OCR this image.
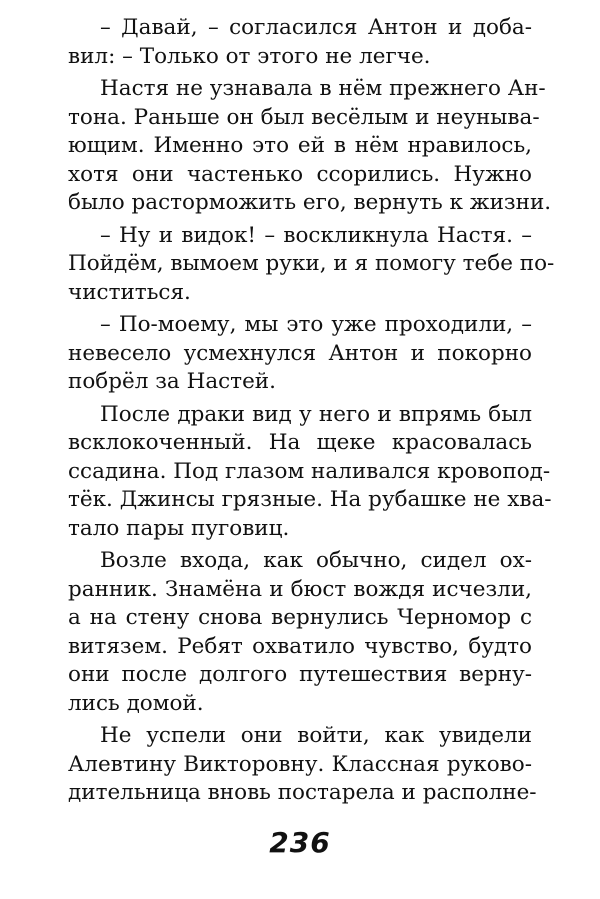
– Давай, – согласился Антон и доба-
вил: – Только от этого не легче.
Настя не узнавала в нём прежнего Ан-
тона. Раньше он был весёлым и неуныва-
ющим. Именно это ей в нём нравилось,
хотя они частенько ссорились. Нужно
было расторможить его, вернуть к жизни.
– Ну и видок! – воскликнула Настя. –
Пойдём, вымоем руки, и я помогу тебе по-
чиститься.
– По-моему, мы это уже проходили, –
невесело усмехнулся Антон и покорно
побрёл за Настей.
После драки вид у него и впрямь был
всклокоченный. На щеке красовалась
ссадина. Под глазом наливался кровопод-
тёк. Джинсы грязные. На рубашке не хва-
тало пары пуговиц.
Возле входа, как обычно, сидел ох-
ранник. Знамёна и бюст вождя исчезли,
а на стену снова вернулись Черномор с
витязем. Ребят охватило чувство, будто
они после долгого путешествия верну-
лись домой.
Не успели они войти, как увидели
Алевтину Викторовну. Классная руково-
дительница вновь постарела и располне-
236
